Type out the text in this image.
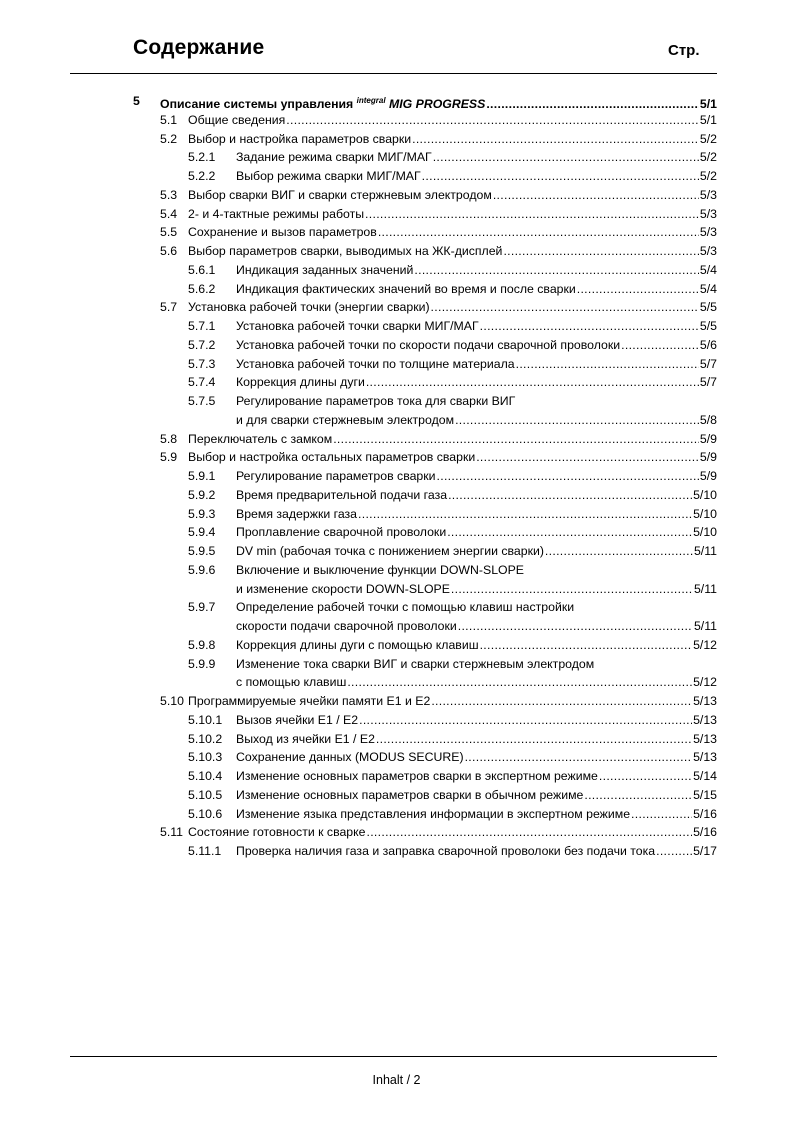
Содержание	Стр.
5 Описание системы управления $^{integral}$ MIG PROGRESS .....	5/1
5.1 Общие сведения .....	5/1
5.2 Выбор и настройка параметров сварки .....	5/2
5.2.1 Задание режима сварки МИГ/МАГ .....	5/2
5.2.2 Выбор режима сварки МИГ/МАГ .....	5/2
5.3 Выбор сварки ВИГ и сварки стержневым электродом .....	5/3
5.4 2- и 4-тактные режимы работы .....	5/3
5.5 Сохранение и вызов параметров .....	5/3
5.6 Выбор параметров сварки, выводимых на ЖК-дисплей .....	5/3
5.6.1 Индикация заданных значений .....	5/4
5.6.2 Индикация фактических значений во время и после сварки .....	5/4
5.7 Установка рабочей точки (энергии сварки) .....	5/5
5.7.1 Установка рабочей точки сварки МИГ/МАГ .....	5/5
5.7.2 Установка рабочей точки по скорости подачи сварочной проволоки .....	5/6
5.7.3 Установка рабочей точки по толщине материала .....	5/7
5.7.4 Коррекция длины дуги .....	5/7
5.7.5 Регулирование параметров тока для сварки ВИГ
и для сварки стержневым электродом .....	5/8
5.8 Переключатель с замком .....	5/9
5.9 Выбор и настройка остальных параметров сварки .....	5/9
5.9.1 Регулирование параметров сварки .....	5/9
5.9.2 Время предварительной подачи газа .....	5/10
5.9.3 Время задержки газа .....	5/10
5.9.4 Проплавление сварочной проволоки .....	5/10
5.9.5 DV min (рабочая точка с понижением энергии сварки) .....	5/11
5.9.6 Включение и выключение функции DOWN-SLOPE
и изменение скорости DOWN-SLOPE .....	5/11
5.9.7 Определение рабочей точки с помощью клавиш настройки
скорости подачи сварочной проволоки .....	5/11
5.9.8 Коррекция длины дуги с помощью клавиш .....	5/12
5.9.9 Изменение тока сварки ВИГ и сварки стержневым электродом
с помощью клавиш .....	5/12
5.10 Программируемые ячейки памяти E1 и E2 .....	5/13
5.10.1 Вызов ячейки E1 / E2 .....	5/13
5.10.2 Выход из ячейки E1 / E2 .....	5/13
5.10.3 Сохранение данных (MODUS SECURE) .....	5/13
5.10.4 Изменение основных параметров сварки в экспертном режиме .....	5/14
5.10.5 Изменение основных параметров сварки в обычном режиме .....	5/15
5.10.6 Изменение языка представления информации в экспертном режиме .....	5/16
5.11 Состояние готовности к сварке .....	5/16
5.11.1 Проверка наличия газа и заправка сварочной проволоки без подачи тока .....	5/17
Inhalt / 2
